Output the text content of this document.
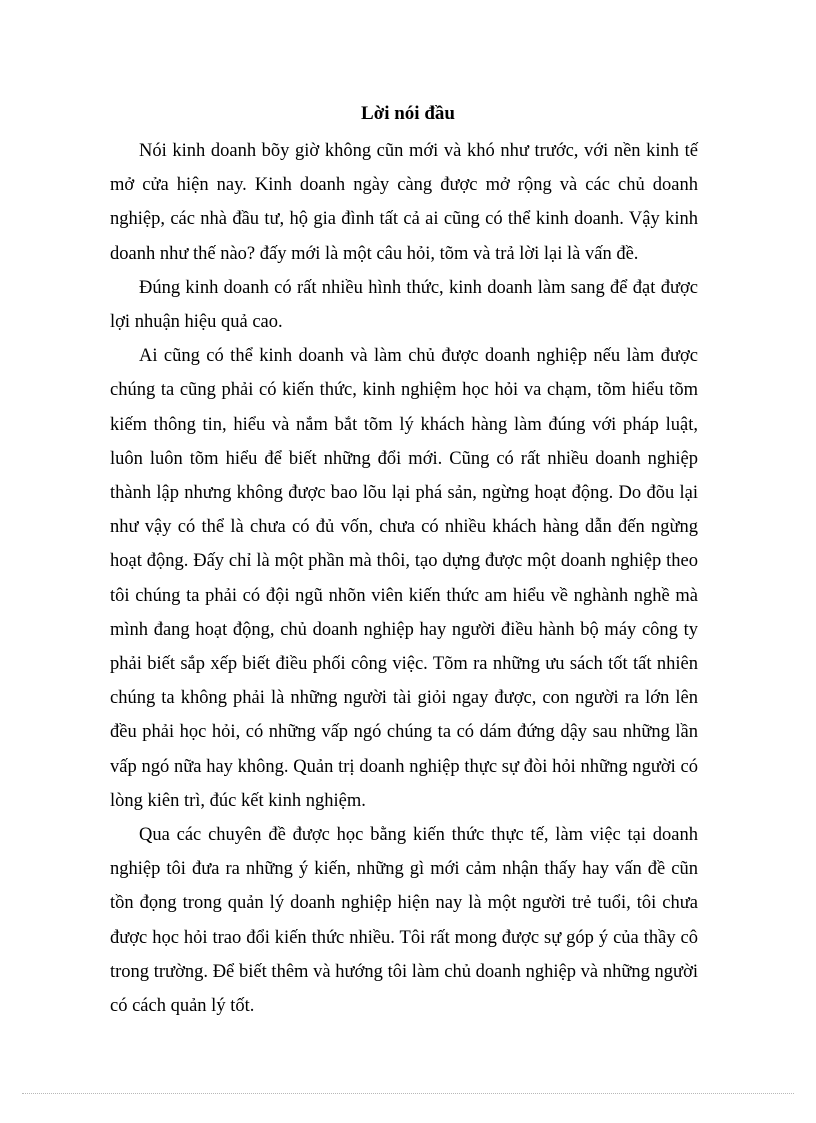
Lời nói đầu

Nói kinh doanh bõy giờ không cũn mới và khó như trước, với nền kinh tế mở cửa hiện nay. Kinh doanh ngày càng được mở rộng và các chủ doanh nghiệp, các nhà đầu tư, hộ gia đình tất cả ai cũng có thể kinh doanh. Vậy kinh doanh như thế nào? đấy mới là một câu hỏi, tõm và trả lời lại là vấn đề.

Đúng kinh doanh có rất nhiều hình thức, kinh doanh làm sang để đạt được lợi nhuận hiệu quả cao.

Ai cũng có thể kinh doanh và làm chủ được doanh nghiệp nếu làm được chúng ta cũng phải có kiến thức, kinh nghiệm học hỏi va chạm, tõm hiểu tõm kiếm thông tin, hiểu và nắm bắt tõm lý khách hàng làm đúng với pháp luật, luôn luôn tõm hiểu để biết những đổi mới. Cũng có rất nhiều doanh nghiệp thành lập nhưng không được bao lõu lại phá sản, ngừng hoạt động. Do đõu lại như vậy có thể là chưa có đủ vốn, chưa có nhiều khách hàng dẫn đến ngừng hoạt động. Đấy chỉ là một phần mà thôi, tạo dựng được một doanh nghiệp theo tôi chúng ta phải có đội ngũ nhõn viên kiến thức am hiểu về nghành nghề mà mình đang hoạt động, chủ doanh nghiệp hay người điều hành bộ máy công ty phải biết sắp xếp biết điều phối công việc. Tõm ra những ưu sách tốt tất nhiên chúng ta không phải là những người tài giỏi ngay được, con người ra lớn lên đều phải học hỏi, có những vấp ngó chúng ta có dám đứng dậy sau những lần vấp ngó nữa hay không. Quản trị doanh nghiệp thực sự đòi hỏi những người có lòng kiên trì, đúc kết kinh nghiệm.

Qua các chuyên đề được học bằng kiến thức thực tế, làm việc tại doanh nghiệp tôi đưa ra những ý kiến, những gì mới cảm nhận thấy hay vấn đề cũn tồn đọng trong quản lý doanh nghiệp hiện nay là một người trẻ tuổi, tôi chưa được học hỏi trao đổi kiến thức nhiều. Tôi rất mong được sự góp ý của thầy cô trong trường. Để biết thêm và hướng tôi làm chủ doanh nghiệp và những người có cách quản lý tốt.
